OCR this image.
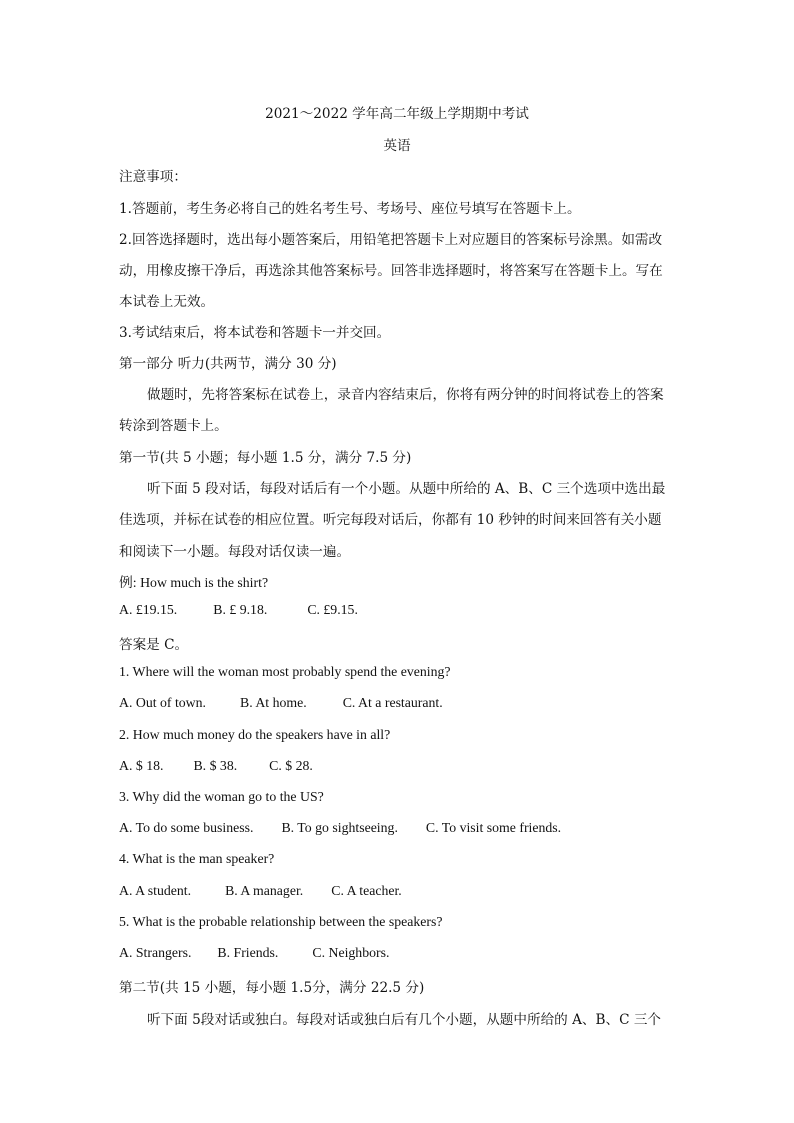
2021～2022 学年高二年级上学期期中考试
英语
注意事项：
1.答题前，考生务必将自己的姓名考生号、考场号、座位号填写在答题卡上。
2.回答选择题时，选出每小题答案后，用铅笔把答题卡上对应题目的答案标号涂黑。如需改
动，用橡皮擦干净后，再选涂其他答案标号。回答非选择题时，将答案写在答题卡上。写在
本试卷上无效。
3.考试结束后，将本试卷和答题卡一并交回。
第一部分 听力(共两节，满分 30 分)
做题时，先将答案标在试卷上，录音内容结束后，你将有两分钟的时间将试卷上的答案
转涂到答题卡上。
第一节(共 5 小题；每小题 1.5 分，满分 7.5 分)
听下面 5 段对话，每段对话后有一个小题。从题中所给的 A、B、C 三个选项中选出最
佳选项，并标在试卷的相应位置。听完每段对话后，你都有 10 秒钟的时间来回答有关小题
和阅读下一小题。每段对话仅读一遍。
例: How much is the shirt?
A. £19.15.	B. £ 9.18.	C. £9.15.
答案是 C。
1. Where will the woman most probably spend the evening?
A. Out of town. B. At home.	C. At a restaurant.
2. How much money do the speakers have in all?
A. $ 18. B. $ 38. C. $ 28.
3. Why did the woman go to the US?
A. To do some business. B. To go sightseeing. C. To visit some friends.
4. What is the man speaker?
A. A student. B. A manager. C. A teacher.
5. What is the probable relationship between the speakers?
A. Strangers. B. Friends. C. Neighbors.
第二节(共 15 小题，每小题 1.5分，满分 22.5 分)
听下面 5段对话或独白。每段对话或独白后有几个小题，从题中所给的 A、B、C 三个
